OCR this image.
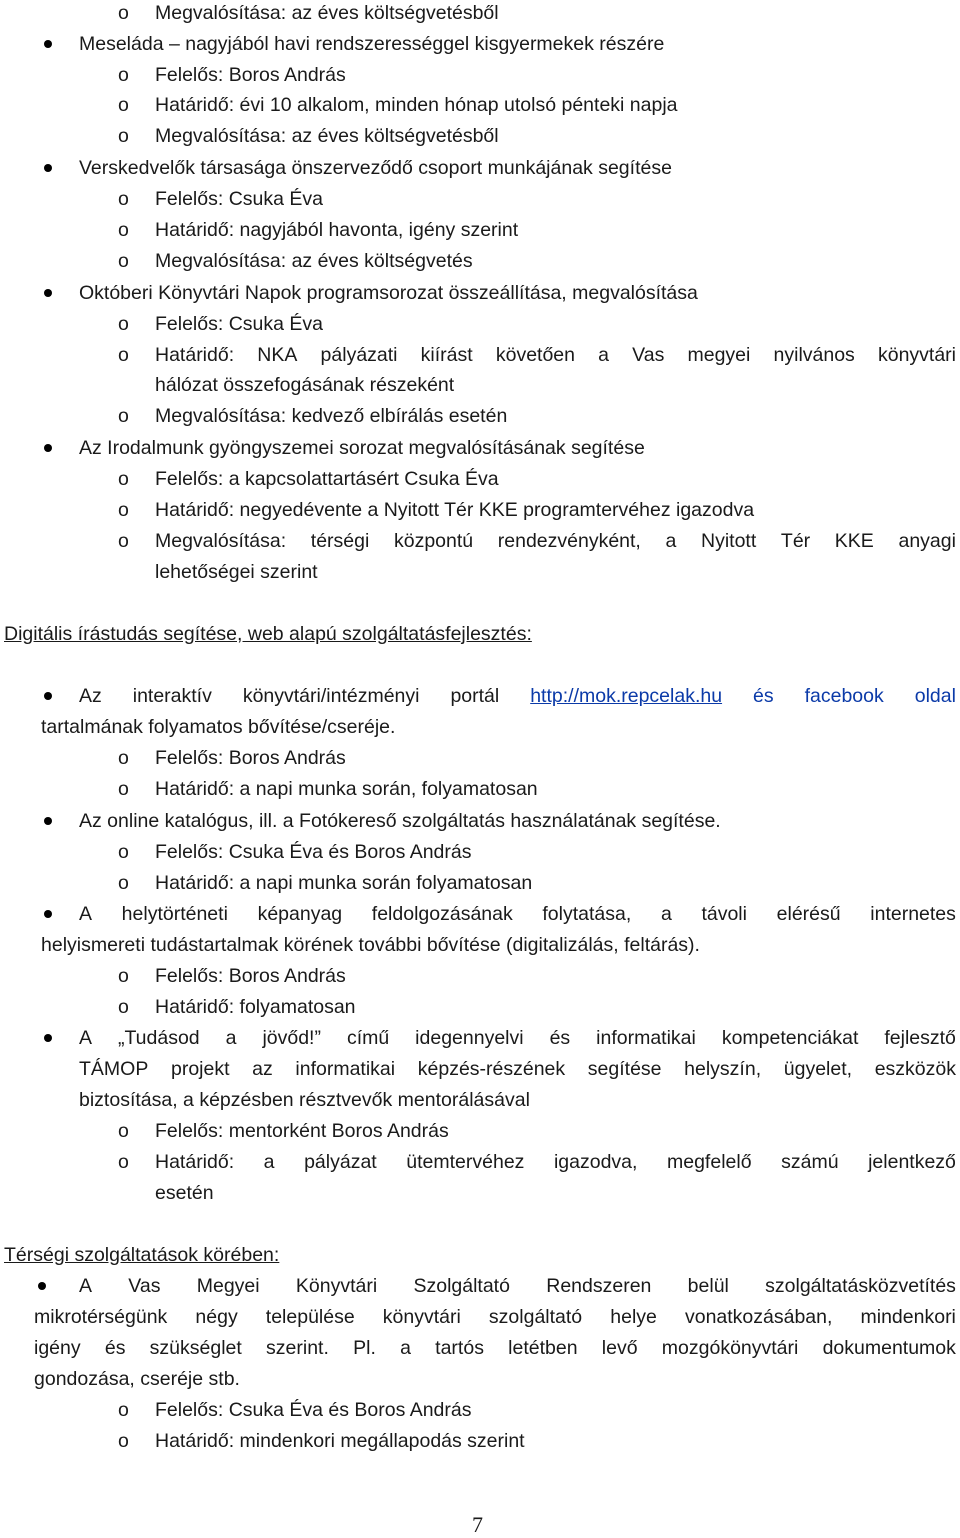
o Megvalósítása: az éves költségvetésből
Meseláda – nagyjából havi rendszerességgel kisgyermekek részére
o Felelős: Boros András
o Határidő: évi 10 alkalom, minden hónap utolsó pénteki napja
o Megvalósítása: az éves költségvetésből
Verskedvelők társasága önszerveződő csoport munkájának segítése
o Felelős: Csuka Éva
o Határidő: nagyjából havonta, igény szerint
o Megvalósítása: az éves költségvetés
Októberi Könyvtári Napok programsorozat összeállítása, megvalósítása
o Felelős: Csuka Éva
o Határidő: NKA pályázati kiírást követően a Vas megyei nyilvános könyvtári
hálózat összefogásának részeként
o Megvalósítása: kedvező elbírálás esetén
Az Irodalmunk gyöngyszemei sorozat megvalósításának segítése
o Felelős: a kapcsolattartásért Csuka Éva
o Határidő: negyedévente a Nyitott Tér KKE programtervéhez igazodva
o Megvalósítása: térségi központú rendezvényként, a Nyitott Tér KKE anyagi
lehetőségei szerint
Digitális írástudás segítése, web alapú szolgáltatásfejlesztés:
Az interaktív könyvtári/intézményi portál http://mok.repcelak.hu és facebook oldal
tartalmának folyamatos bővítése/cseréje.
o Felelős: Boros András
o Határidő: a napi munka során, folyamatosan
Az online katalógus, ill. a Fotókereső szolgáltatás használatának segítése.
o Felelős: Csuka Éva és Boros András
o Határidő: a napi munka során folyamatosan
A helytörténeti képanyag feldolgozásának folytatása, a távoli elérésű internetes
helyismereti tudástartalmak körének további bővítése (digitalizálás, feltárás).
o Felelős: Boros András
o Határidő: folyamatosan
A „Tudásod a jövőd!” című idegennyelvi és informatikai kompetenciákat fejlesztő
TÁMOP projekt az informatikai képzés-részének segítése helyszín, ügyelet, eszközök
biztosítása, a képzésben résztvevők mentorálásával
o Felelős: mentorként Boros András
o Határidő: a pályázat ütemtervéhez igazodva, megfelelő számú jelentkező
esetén
Térségi szolgáltatások körében:
A Vas Megyei Könyvtári Szolgáltató Rendszeren belül szolgáltatásközvetítés
mikrotérségünk négy települése könyvtári szolgáltató helye vonatkozásában, mindenkori
igény és szükséglet szerint. Pl. a tartós letétben levő mozgókönyvtári dokumentumok
gondozása, cseréje stb.
o Felelős: Csuka Éva és Boros András
o Határidő: mindenkori megállapodás szerint
7
